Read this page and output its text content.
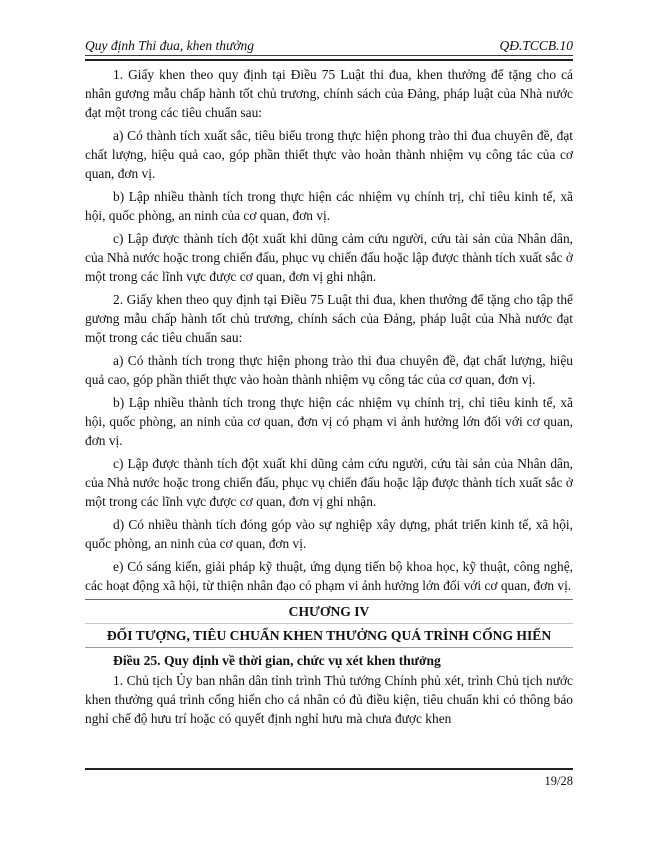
Quy định Thi đua, khen thưởng	QĐ.TCCB.10

1. Giấy khen theo quy định tại Điều 75 Luật thi đua, khen thưởng để tặng cho cá nhân gương mẫu chấp hành tốt chủ trương, chính sách của Đảng, pháp luật của Nhà nước đạt một trong các tiêu chuẩn sau:

a) Có thành tích xuất sắc, tiêu biểu trong thực hiện phong trào thi đua chuyên đề, đạt chất lượng, hiệu quả cao, góp phần thiết thực vào hoàn thành nhiệm vụ công tác của cơ quan, đơn vị.

b) Lập nhiều thành tích trong thực hiện các nhiệm vụ chính trị, chỉ tiêu kinh tế, xã hội, quốc phòng, an ninh của cơ quan, đơn vị.

c) Lập được thành tích đột xuất khi dũng cảm cứu người, cứu tài sản của Nhân dân, của Nhà nước hoặc trong chiến đấu, phục vụ chiến đấu hoặc lập được thành tích xuất sắc ở một trong các lĩnh vực được cơ quan, đơn vị ghi nhận.

2. Giấy khen theo quy định tại Điều 75 Luật thi đua, khen thưởng để tặng cho tập thể gương mẫu chấp hành tốt chủ trương, chính sách của Đảng, pháp luật của Nhà nước đạt một trong các tiêu chuẩn sau:

a) Có thành tích trong thực hiện phong trào thi đua chuyên đề, đạt chất lượng, hiệu quả cao, góp phần thiết thực vào hoàn thành nhiệm vụ công tác của cơ quan, đơn vị.

b) Lập nhiều thành tích trong thực hiện các nhiệm vụ chính trị, chỉ tiêu kinh tế, xã hội, quốc phòng, an ninh của cơ quan, đơn vị có phạm vi ảnh hưởng lớn đối với cơ quan, đơn vị.

c) Lập được thành tích đột xuất khi dũng cảm cứu người, cứu tài sản của Nhân dân, của Nhà nước hoặc trong chiến đấu, phục vụ chiến đấu hoặc lập được thành tích xuất sắc ở một trong các lĩnh vực được cơ quan, đơn vị ghi nhận.

d) Có nhiều thành tích đóng góp vào sự nghiệp xây dựng, phát triển kinh tế, xã hội, quốc phòng, an ninh của cơ quan, đơn vị.

e) Có sáng kiến, giải pháp kỹ thuật, ứng dụng tiến bộ khoa học, kỹ thuật, công nghệ, các hoạt động xã hội, từ thiện nhân đạo có phạm vi ảnh hưởng lớn đối với cơ quan, đơn vị.

CHƯƠNG IV
ĐỐI TƯỢNG, TIÊU CHUẨN KHEN THƯỞNG QUÁ TRÌNH CỐNG HIẾN
Điều 25. Quy định về thời gian, chức vụ xét khen thưởng

1. Chủ tịch Ủy ban nhân dân tỉnh trình Thủ tướng Chính phủ xét, trình Chủ tịch nước khen thưởng quá trình cống hiến cho cá nhân có đủ điều kiện, tiêu chuẩn khi có thông báo nghỉ chế độ hưu trí hoặc có quyết định nghỉ hưu mà chưa được khen

19/28
